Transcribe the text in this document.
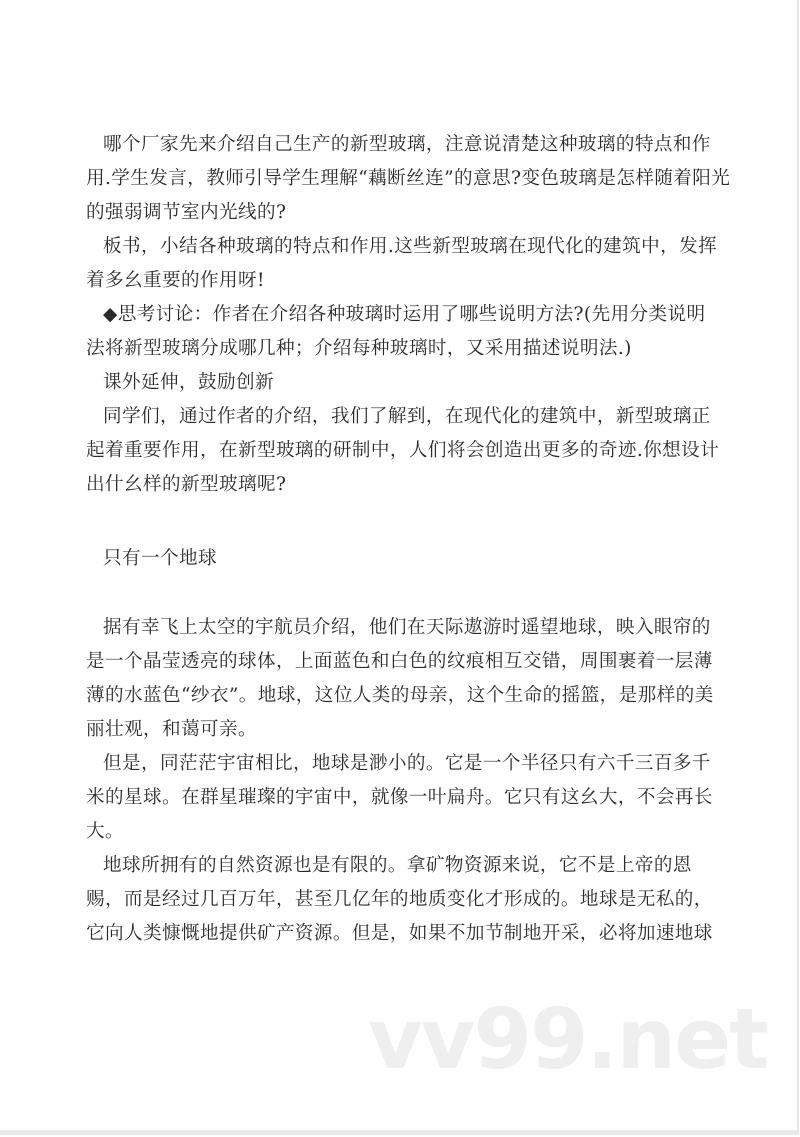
哪个厂家先来介绍自己生产的新型玻璃，注意说清楚这种玻璃的特点和作
用.学生发言，教师引导学生理解“藕断丝连”的意思?变色玻璃是怎样随着阳光
的强弱调节室内光线的?
板书，小结各种玻璃的特点和作用.这些新型玻璃在现代化的建筑中，发挥
着多幺重要的作用呀!
◆思考讨论：作者在介绍各种玻璃时运用了哪些说明方法?(先用分类说明
法将新型玻璃分成哪几种；介绍每种玻璃时，又采用描述说明法.)
课外延伸，鼓励创新
同学们，通过作者的介绍，我们了解到，在现代化的建筑中，新型玻璃正
起着重要作用，在新型玻璃的研制中，人们将会创造出更多的奇迹.你想设计
出什幺样的新型玻璃呢?
只有一个地球
据有幸飞上太空的宇航员介绍，他们在天际遨游时遥望地球，映入眼帘的
是一个晶莹透亮的球体，上面蓝色和白色的纹痕相互交错，周围裹着一层薄
薄的水蓝色“纱衣”。地球，这位人类的母亲，这个生命的摇篮，是那样的美
丽壮观，和蔼可亲。
但是，同茫茫宇宙相比，地球是渺小的。它是一个半径只有六千三百多千
米的星球。在群星璀璨的宇宙中，就像一叶扁舟。它只有这幺大，不会再长
大。
地球所拥有的自然资源也是有限的。拿矿物资源来说，它不是上帝的恩
赐，而是经过几百万年，甚至几亿年的地质变化才形成的。地球是无私的，
它向人类慷慨地提供矿产资源。但是，如果不加节制地开采，必将加速地球
vv99.net
